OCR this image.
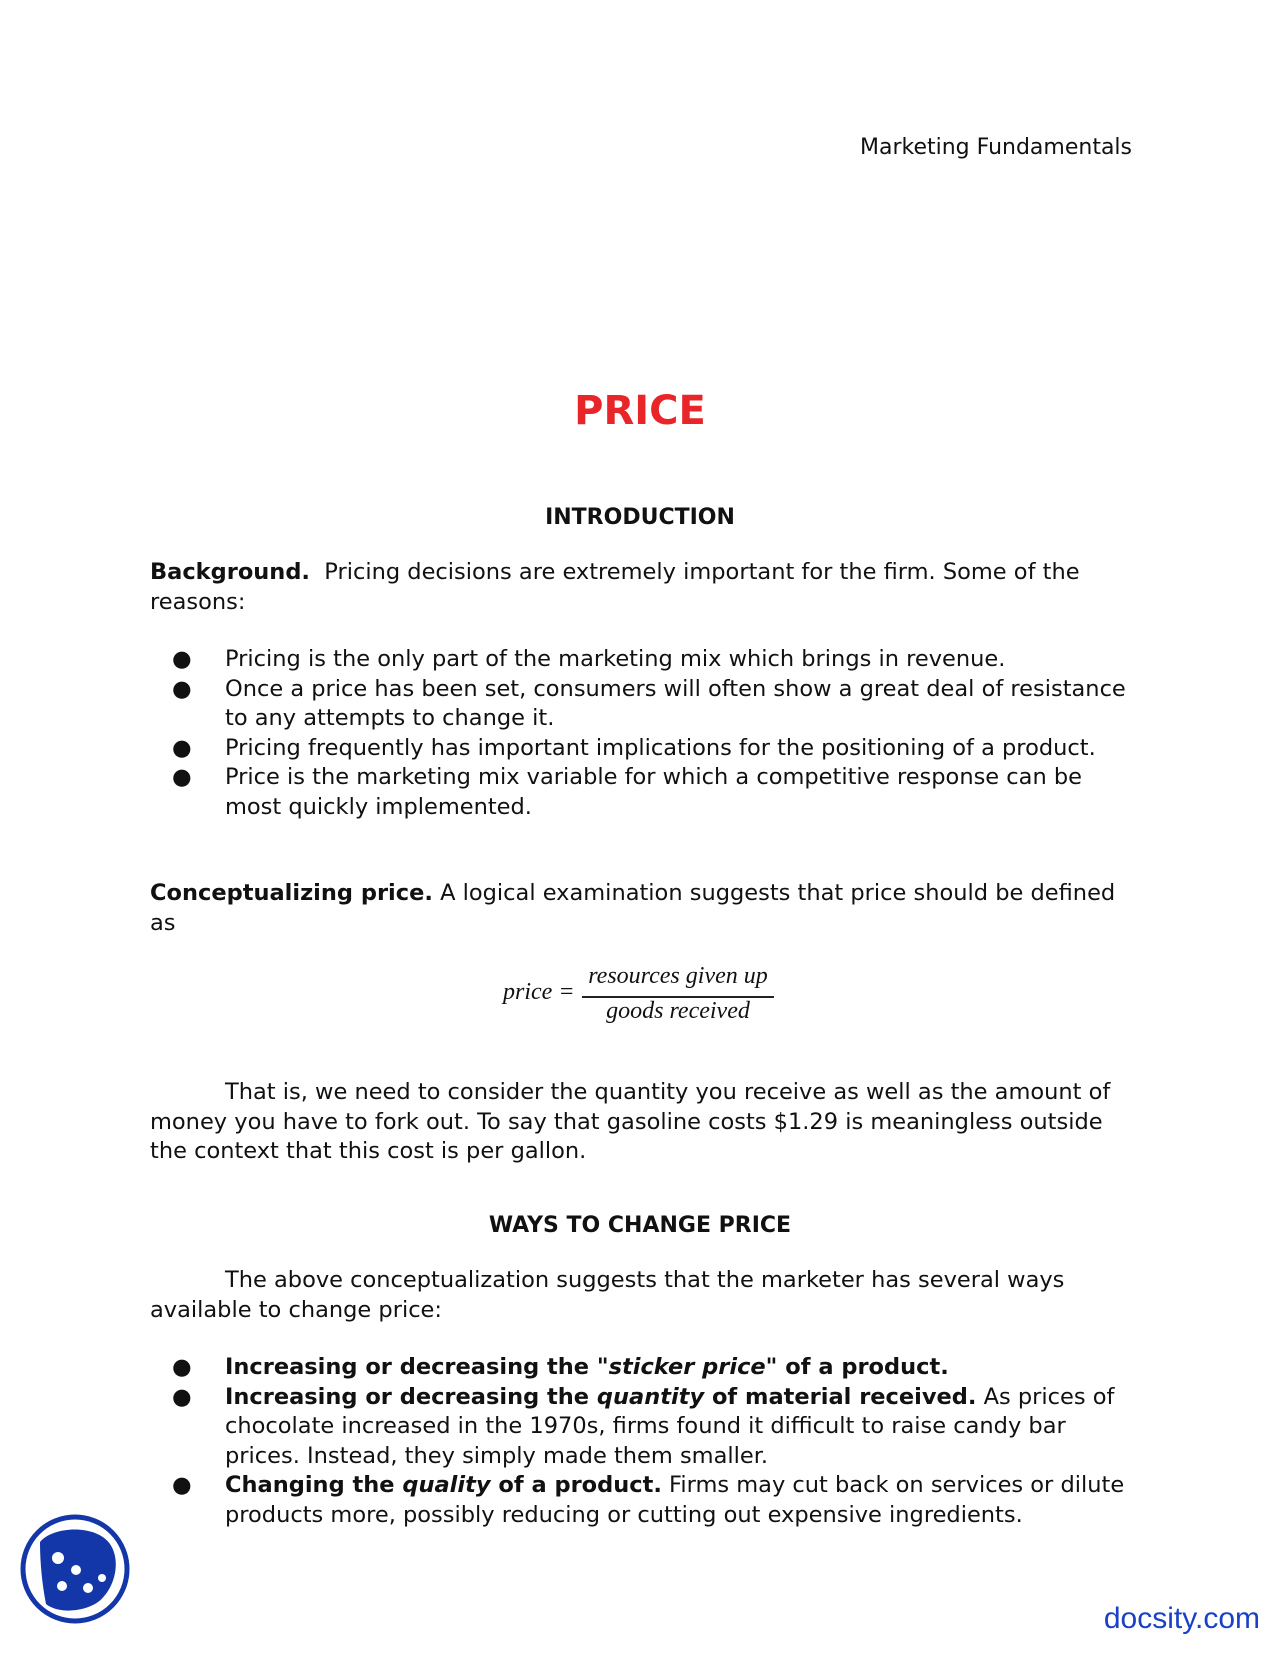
Marketing Fundamentals
PRICE
INTRODUCTION

Background. Pricing decisions are extremely important for the firm. Some of the reasons:

● Pricing is the only part of the marketing mix which brings in revenue.
● Once a price has been set, consumers will often show a great deal of resistance to any attempts to change it.
● Pricing frequently has important implications for the positioning of a product.
● Price is the marketing mix variable for which a competitive response can be most quickly implemented.

Conceptualizing price. A logical examination suggests that price should be defined as

price =
resources given up
goods received

That is, we need to consider the quantity you receive as well as the amount of money you have to fork out. To say that gasoline costs $1.29 is meaningless outside the context that this cost is per gallon.

WAYS TO CHANGE PRICE

The above conceptualization suggests that the marketer has several ways available to change price:

● Increasing or decreasing the "sticker price" of a product.
● Increasing or decreasing the quantity of material received. As prices of chocolate increased in the 1970s, firms found it difficult to raise candy bar prices. Instead, they simply made them smaller.
● Changing the quality of a product. Firms may cut back on services or dilute products more, possibly reducing or cutting out expensive ingredients.
docsity.com
